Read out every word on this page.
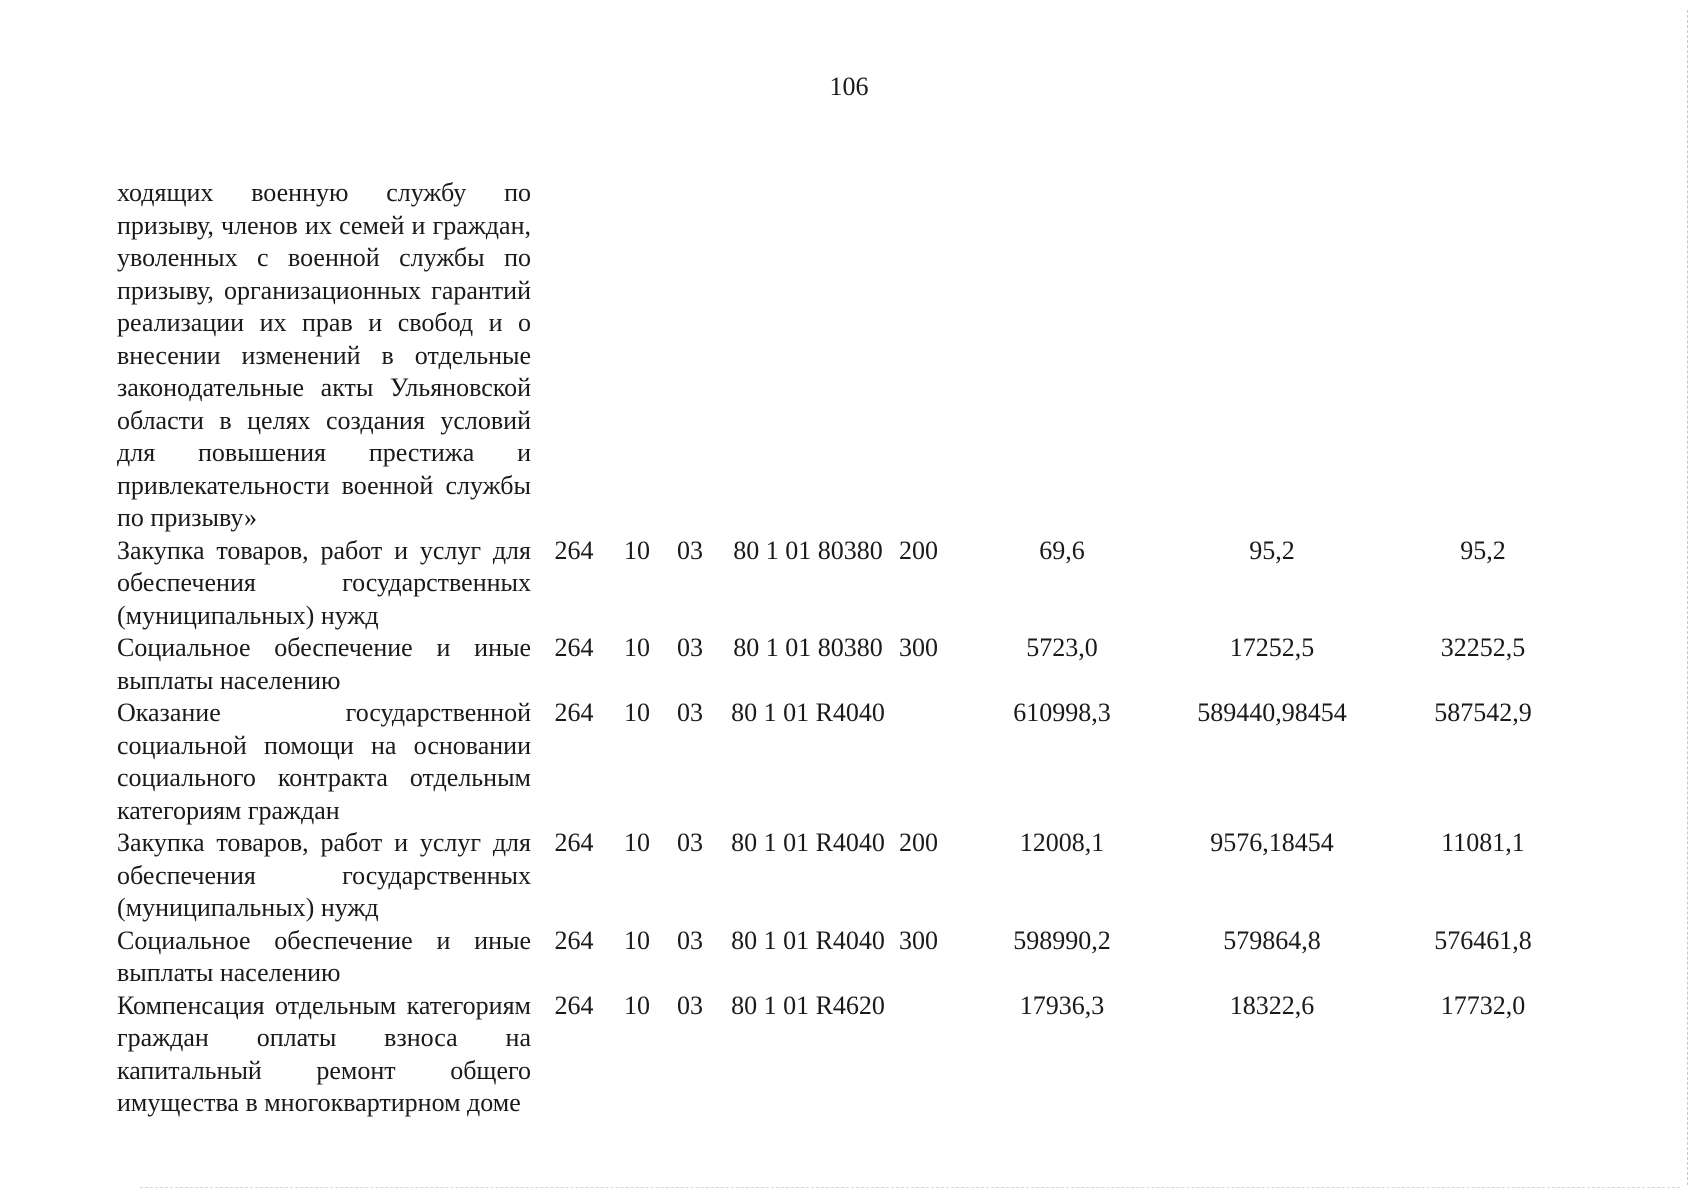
106
ходящих военную службу по призыву, членов их семей и граждан, уволенных с военной службы по призыву, организационных гарантий реализации их прав и свобод и о внесении изменений в отдельные законодательные акты Ульяновской области в целях создания условий для повышения престижа и привлекательности военной службы по призыву»								
Закупка товаров, работ и услуг для обеспечения государственных (муниципальных) нужд	264	10	03	80 1 01 80380	200	69,6	95,2	95,2
Социальное обеспечение и иные выплаты населению	264	10	03	80 1 01 80380	300	5723,0	17252,5	32252,5
Оказание государственной социальной помощи на основании социального контракта отдельным категориям граждан	264	10	03	80 1 01 R4040		610998,3	589440,98454	587542,9
Закупка товаров, работ и услуг для обеспечения государственных (муниципальных) нужд	264	10	03	80 1 01 R4040	200	12008,1	9576,18454	11081,1
Социальное обеспечение и иные выплаты населению	264	10	03	80 1 01 R4040	300	598990,2	579864,8	576461,8
Компенсация отдельным категориям граждан оплаты взноса на капитальный ремонт общего имущества в многоквартирном доме	264	10	03	80 1 01 R4620		17936,3	18322,6	17732,0
